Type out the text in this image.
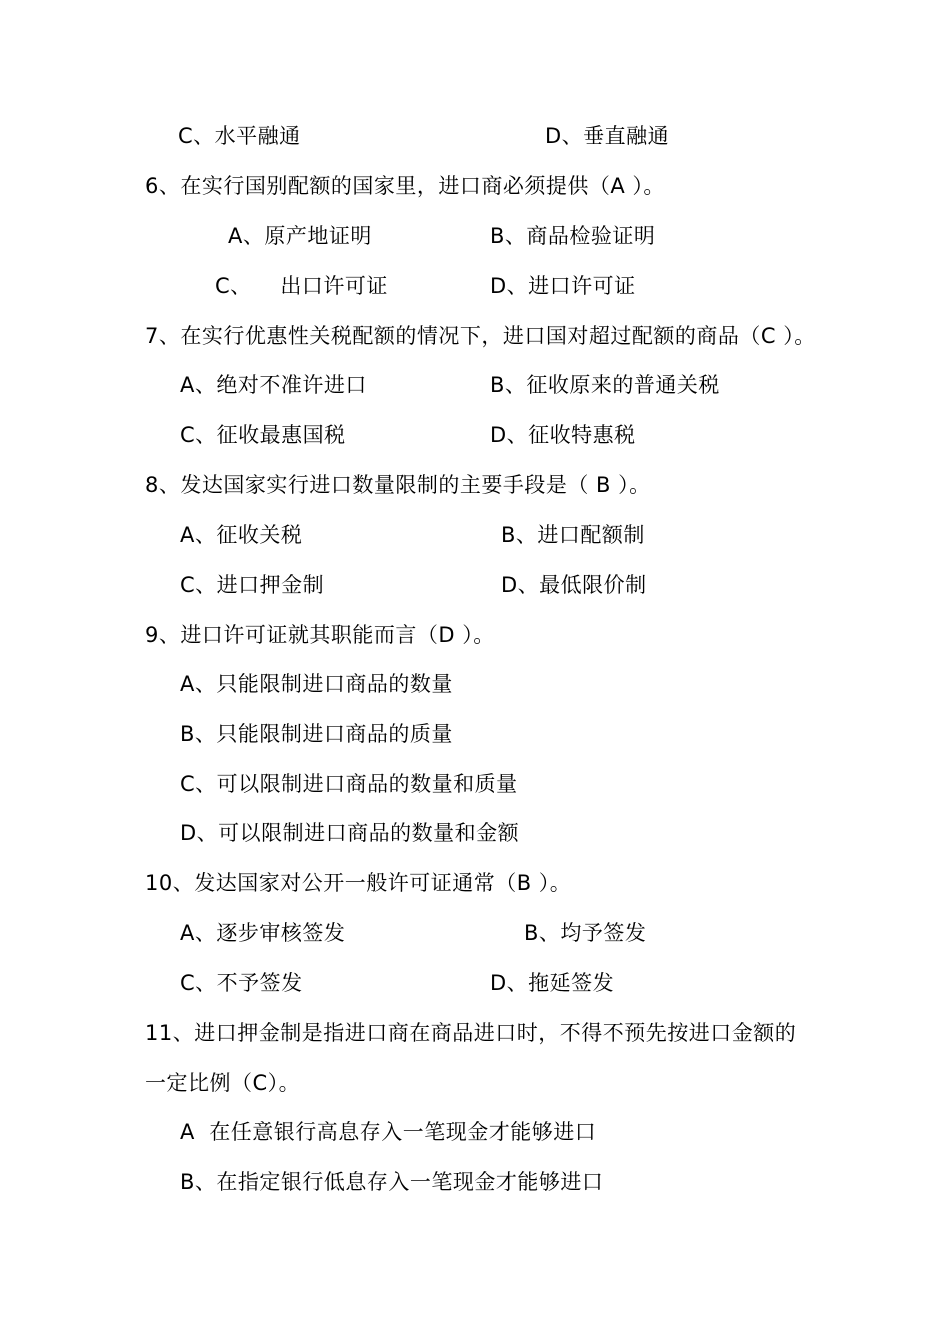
C、水平融通	D、垂直融通
6、在实行国别配额的国家里，进口商必须提供（A ）。
A、原产地证明	B、商品检验证明
C、    出口许可证	D、进口许可证
7、在实行优惠性关税配额的情况下，进口国对超过配额的商品（C ）。
A、绝对不准许进口	B、征收原来的普通关税
C、征收最惠国税	D、征收特惠税
8、发达国家实行进口数量限制的主要手段是（ B ）。
A、征收关税	B、进口配额制
C、进口押金制	D、最低限价制
9、进口许可证就其职能而言（D ）。
A、只能限制进口商品的数量
B、只能限制进口商品的质量
C、可以限制进口商品的数量和质量
D、可以限制进口商品的数量和金额
10、发达国家对公开一般许可证通常（B ）。
A、逐步审核签发	B、均予签发
C、不予签发	D、拖延签发
11、进口押金制是指进口商在商品进口时，不得不预先按进口金额的
一定比例（C）。
A  在任意银行高息存入一笔现金才能够进口
B、在指定银行低息存入一笔现金才能够进口
